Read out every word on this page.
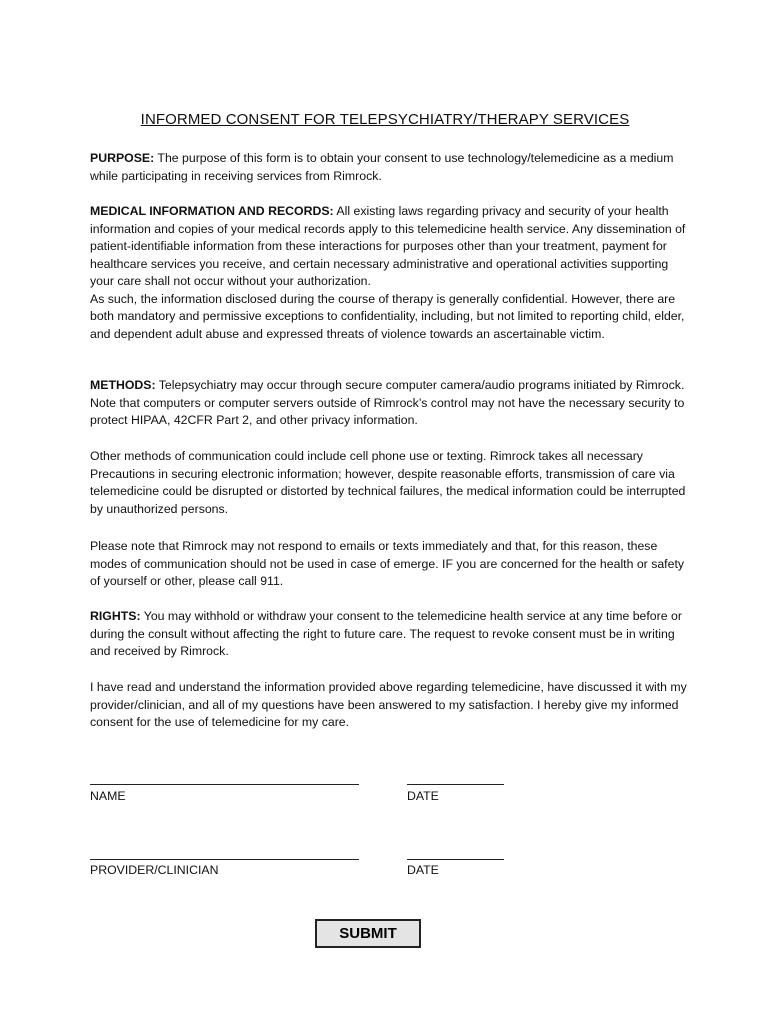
INFORMED CONSENT FOR TELEPSYCHIATRY/THERAPY SERVICES

PURPOSE: The purpose of this form is to obtain your consent to use technology/telemedicine as a medium while participating in receiving services from Rimrock.

MEDICAL INFORMATION AND RECORDS: All existing laws regarding privacy and security of your health information and copies of your medical records apply to this telemedicine health service. Any dissemination of patient-identifiable information from these interactions for purposes other than your treatment, payment for healthcare services you receive, and certain necessary administrative and operational activities supporting your care shall not occur without your authorization.
As such, the information disclosed during the course of therapy is generally confidential. However, there are both mandatory and permissive exceptions to confidentiality, including, but not limited to reporting child, elder, and dependent adult abuse and expressed threats of violence towards an ascertainable victim.

METHODS: Telepsychiatry may occur through secure computer camera/audio programs initiated by Rimrock. Note that computers or computer servers outside of Rimrock’s control may not have the necessary security to protect HIPAA, 42CFR Part 2, and other privacy information.

Other methods of communication could include cell phone use or texting. Rimrock takes all necessary Precautions in securing electronic information; however, despite reasonable efforts, transmission of care via telemedicine could be disrupted or distorted by technical failures, the medical information could be interrupted by unauthorized persons.

Please note that Rimrock may not respond to emails or texts immediately and that, for this reason, these modes of communication should not be used in case of emerge. IF you are concerned for the health or safety of yourself or other, please call 911.

RIGHTS: You may withhold or withdraw your consent to the telemedicine health service at any time before or during the consult without affecting the right to future care. The request to revoke consent must be in writing and received by Rimrock.

I have read and understand the information provided above regarding telemedicine, have discussed it with my provider/clinician, and all of my questions have been answered to my satisfaction. I hereby give my informed consent for the use of telemedicine for my care.

NAME	DATE
PROVIDER/CLINICIAN	DATE
SUBMIT
